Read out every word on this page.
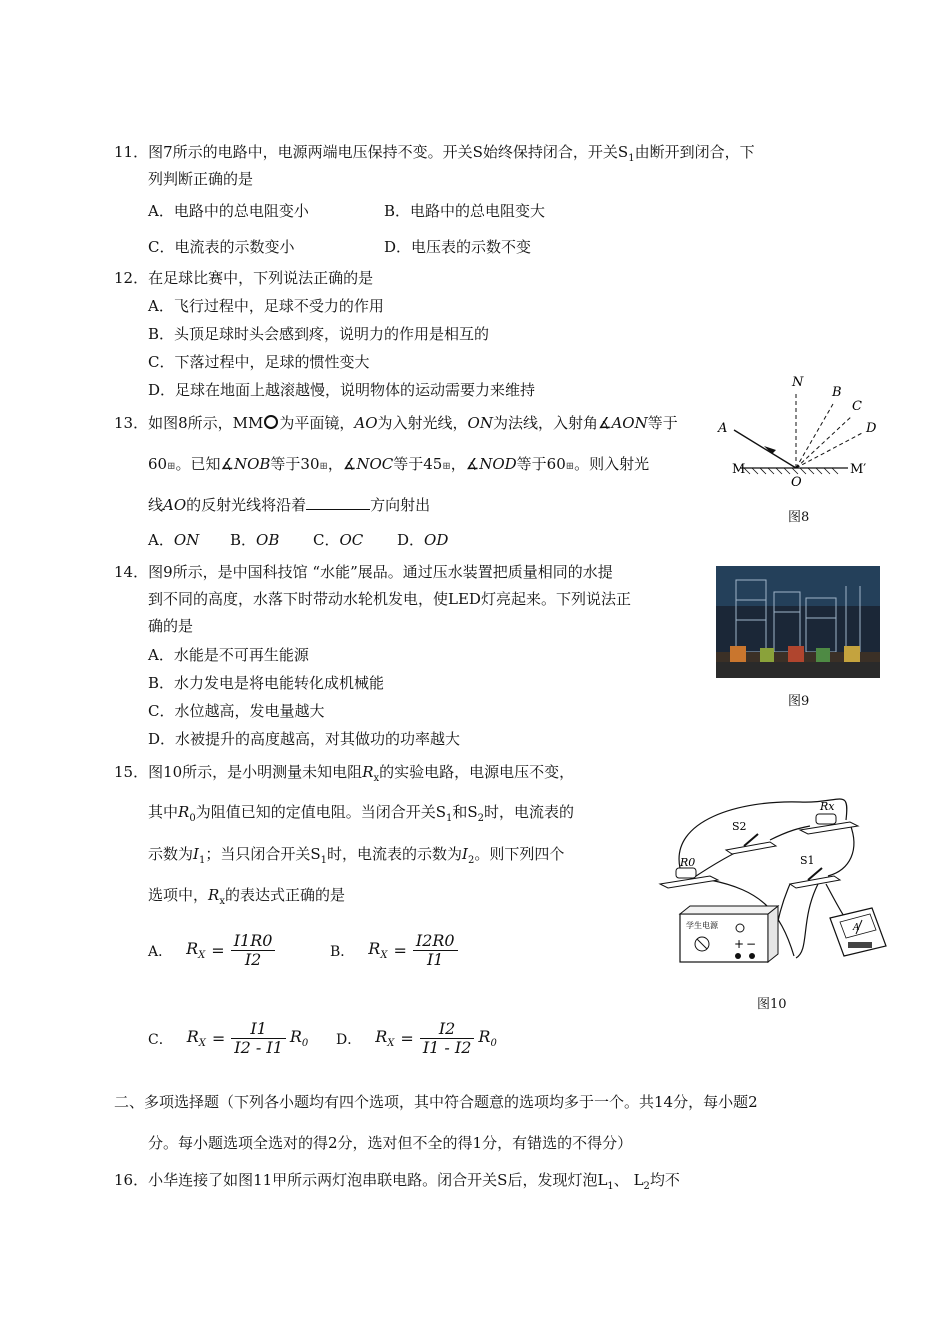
11．图7所示的电路中，电源两端电压保持不变。开关S始终保持闭合，开关$S_1$由断开到闭合，下
列判断正确的是
A．电路中的总电阻变小	B．电路中的总电阻变大
C．电流表的示数变小	D．电压表的示数不变
12．在足球比赛中，下列说法正确的是
A．飞行过程中，足球不受力的作用
B．头顶足球时头会感到疼，说明力的作用是相互的
C．下落过程中，足球的惯性变大
D．足球在地面上越滚越慢，说明物体的运动需要力来维持
13．如图8所示，MM 为平面镜，AO为入射光线，ON为法线，入射角∡AON等于
60⊞。已知∡NOB等于30⊞，∡NOC等于45⊞，∡NOD等于60⊞。则入射光
线AO的反射光线将沿着	方向射出
A．ON B．OB C．OC D．OD
N
B
C
D
A
M	M′
O
图8
14．图9所示，是中国科技馆 “水能”展品。通过压水装置把质量相同的水提
到不同的高度，水落下时带动水轮机发电，使LED灯亮起来。下列说法正
确的是
A．水能是不可再生能源
B．水力发电是将电能转化成机械能
C．水位越高，发电量越大
D．水被提升的高度越高，对其做功的功率越大
图9
15．图10所示，是小明测量未知电阻$R_x$的实验电路，电源电压不变，
其中$R_0$为阻值已知的定值电阻。当闭合开关$S_1$和$S_2$时，电流表的
示数为$I_1$；当只闭合开关$S_1$时，电流表的示数为$I_2$。则下列四个
选项中，$R_x$的表达式正确的是
A． $R_X = \frac{I1R0}{I2}$	B． $R_X = \frac{I2R0}{I1}$
C． $R_X = \frac{I1}{I2 - I1} R_0$ D． $R_X = \frac{I2}{I1 - I2} R_0$
R0
S2
Rx
S1
学生电源
+ −
A
图10
二、多项选择题（下列各小题均有四个选项，其中符合题意的选项均多于一个。共14分，每小题2
分。每小题选项全选对的得2分，选对但不全的得1分，有错选的不得分）
16．小华连接了如图11甲所示两灯泡串联电路。闭合开关S后，发现灯泡$L_1$、 $L_2$均不
